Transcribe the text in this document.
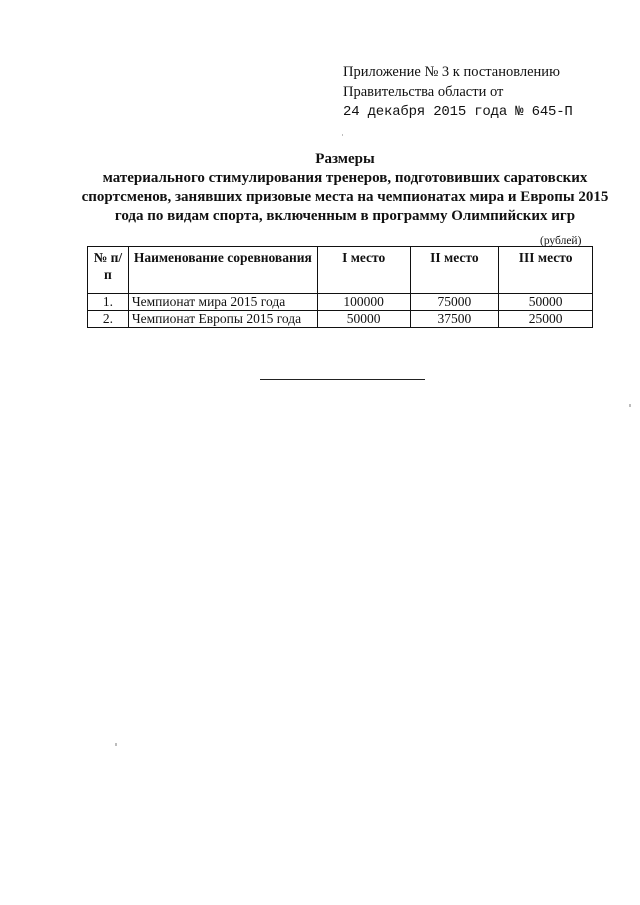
Приложение № 3 к постановлению
Правительства области от
24 декабря 2015 года № 645-П
Размеры
материального стимулирования тренеров, подготовивших саратовских спортсменов, занявших призовые места на чемпионатах мира и Европы 2015 года по видам спорта, включенным в программу Олимпийских игр
(рублей)
№ п/п	Наименование соревнования	I место	II место	III место
1.	Чемпионат мира 2015 года	100000	75000	50000
2.	Чемпионат Европы 2015 года	50000	37500	25000
